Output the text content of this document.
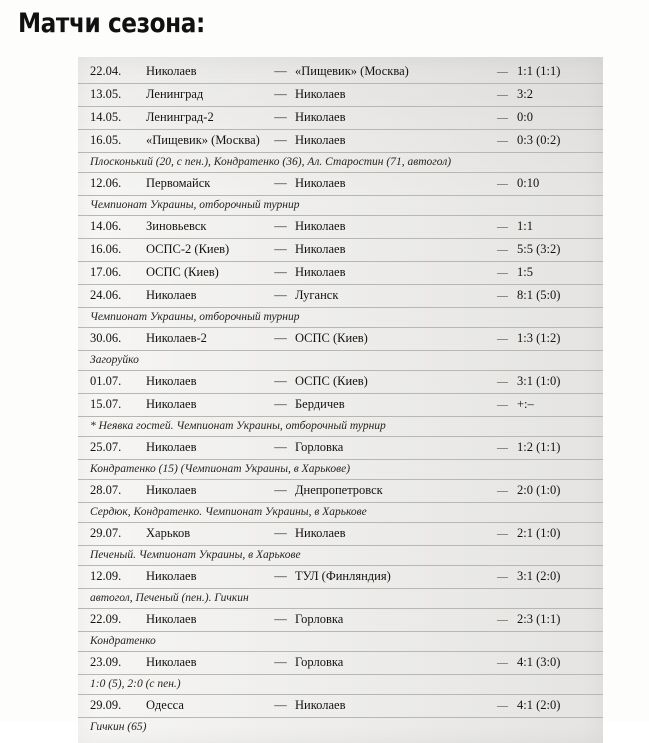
Матчи сезона:
22.04.	Николаев	— «Пищевик» (Москва)	— 1:1 (1:1)
13.05.	Ленинград	— Николаев	— 3:2
14.05.	Ленинград-2	— Николаев	— 0:0
16.05.	«Пищевик» (Москва)	— Николаев	— 0:3 (0:2)
Плосконький (20, с пен.), Кондратенко (36), Ал. Старостин (71, автогол)
12.06.	Первомайск	— Николаев	— 0:10
Чемпионат Украины, отборочный турнир
14.06.	Зиновьевск	— Николаев	— 1:1
16.06.	ОСПС-2 (Киев)	— Николаев	— 5:5 (3:2)
17.06.	ОСПС (Киев)	— Николаев	— 1:5
24.06.	Николаев	— Луганск	— 8:1 (5:0)
Чемпионат Украины, отборочный турнир
30.06.	Николаев-2	— ОСПС (Киев)	— 1:3 (1:2)
Загоруйко
01.07.	Николаев	— ОСПС (Киев)	— 3:1 (1:0)
15.07.	Николаев	— Бердичев	— +:–
* Неявка гостей. Чемпионат Украины, отборочный турнир
25.07.	Николаев	— Горловка	— 1:2 (1:1)
Кондратенко (15) (Чемпионат Украины, в Харькове)
28.07.	Николаев	— Днепропетровск	— 2:0 (1:0)
Сердюк, Кондратенко. Чемпионат Украины, в Харькове
29.07.	Харьков	— Николаев	— 2:1 (1:0)
Печеный. Чемпионат Украины, в Харькове
12.09.	Николаев	— ТУЛ (Финляндия)	— 3:1 (2:0)
автогол, Печеный (пен.). Гичкин
22.09.	Николаев	— Горловка	— 2:3 (1:1)
Кондратенко
23.09.	Николаев	— Горловка	— 4:1 (3:0)
1:0 (5), 2:0 (с пен.)
29.09.	Одесса	— Николаев	— 4:1 (2:0)
Гичкин (65)
